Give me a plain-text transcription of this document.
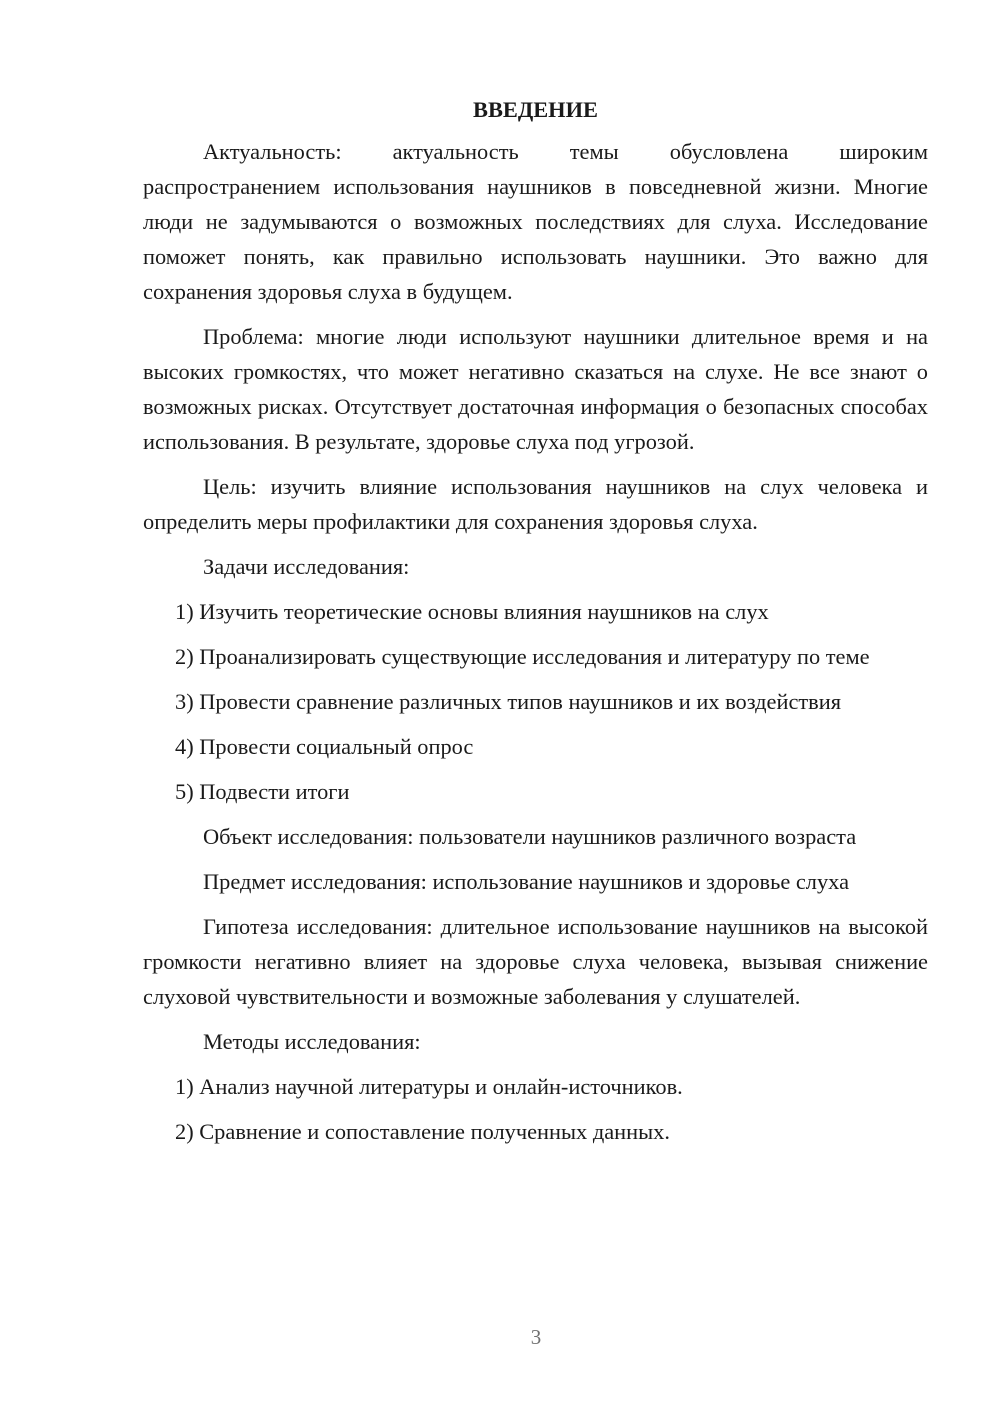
ВВЕДЕНИЕ

Актуальность: актуальность темы обусловлена широким распространением использования наушников в повседневной жизни. Многие люди не задумываются о возможных последствиях для слуха. Исследование поможет понять, как правильно использовать наушники. Это важно для сохранения здоровья слуха в будущем.

Проблема: многие люди используют наушники длительное время и на высоких громкостях, что может негативно сказаться на слухе. Не все знают о возможных рисках. Отсутствует достаточная информация о безопасных способах использования. В результате, здоровье слуха под угрозой.

Цель: изучить влияние использования наушников на слух человека и определить меры профилактики для сохранения здоровья слуха.

Задачи исследования:

1) Изучить теоретические основы влияния наушников на слух

2) Проанализировать существующие исследования и литературу по теме

3) Провести сравнение различных типов наушников и их воздействия

4) Провести социальный опрос

5) Подвести итоги

Объект исследования: пользователи наушников различного возраста

Предмет исследования: использование наушников и здоровье слуха

Гипотеза исследования: длительное использование наушников на высокой громкости негативно влияет на здоровье слуха человека, вызывая снижение слуховой чувствительности и возможные заболевания у слушателей.

Методы исследования:

1) Анализ научной литературы и онлайн-источников.

2) Сравнение и сопоставление полученных данных.

3
